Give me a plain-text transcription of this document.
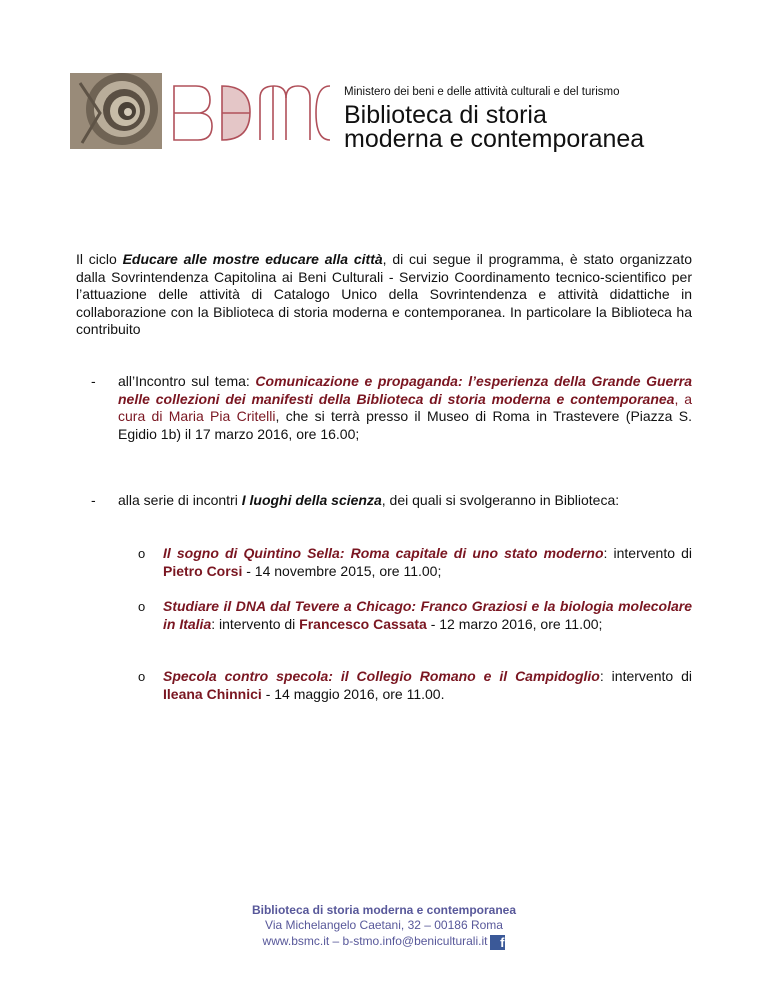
Ministero dei beni e delle attività culturali e del turismo
Biblioteca di storia
moderna e contemporanea
Il ciclo Educare alle mostre educare alla città, di cui segue il programma, è stato organizzato dalla Sovrintendenza Capitolina ai Beni Culturali - Servizio Coordinamento tecnico-scientifico per l’attuazione delle attività di Catalogo Unico della Sovrintendenza e attività didattiche in collaborazione con la Biblioteca di storia moderna e contemporanea. In particolare la Biblioteca ha contribuito
- all’Incontro sul tema: Comunicazione e propaganda: l’esperienza della Grande Guerra nelle collezioni dei manifesti della Biblioteca di storia moderna e contemporanea, a cura di Maria Pia Critelli, che si terrà presso il Museo di Roma in Trastevere (Piazza S. Egidio 1b) il 17 marzo 2016, ore 16.00;
- alla serie di incontri I luoghi della scienza, dei quali si svolgeranno in Biblioteca:
o Il sogno di Quintino Sella: Roma capitale di uno stato moderno: intervento di Pietro Corsi - 14 novembre 2015, ore 11.00;
o Studiare il DNA dal Tevere a Chicago: Franco Graziosi e la biologia molecolare in Italia: intervento di Francesco Cassata - 12 marzo 2016, ore 11.00;
o Specola contro specola: il Collegio Romano e il Campidoglio: intervento di Ileana Chinnici - 14 maggio 2016, ore 11.00.
Biblioteca di storia moderna e contemporanea
Via Michelangelo Caetani, 32 – 00186 Roma
www.bsmc.it – b-stmo.info@beniculturali.it f
